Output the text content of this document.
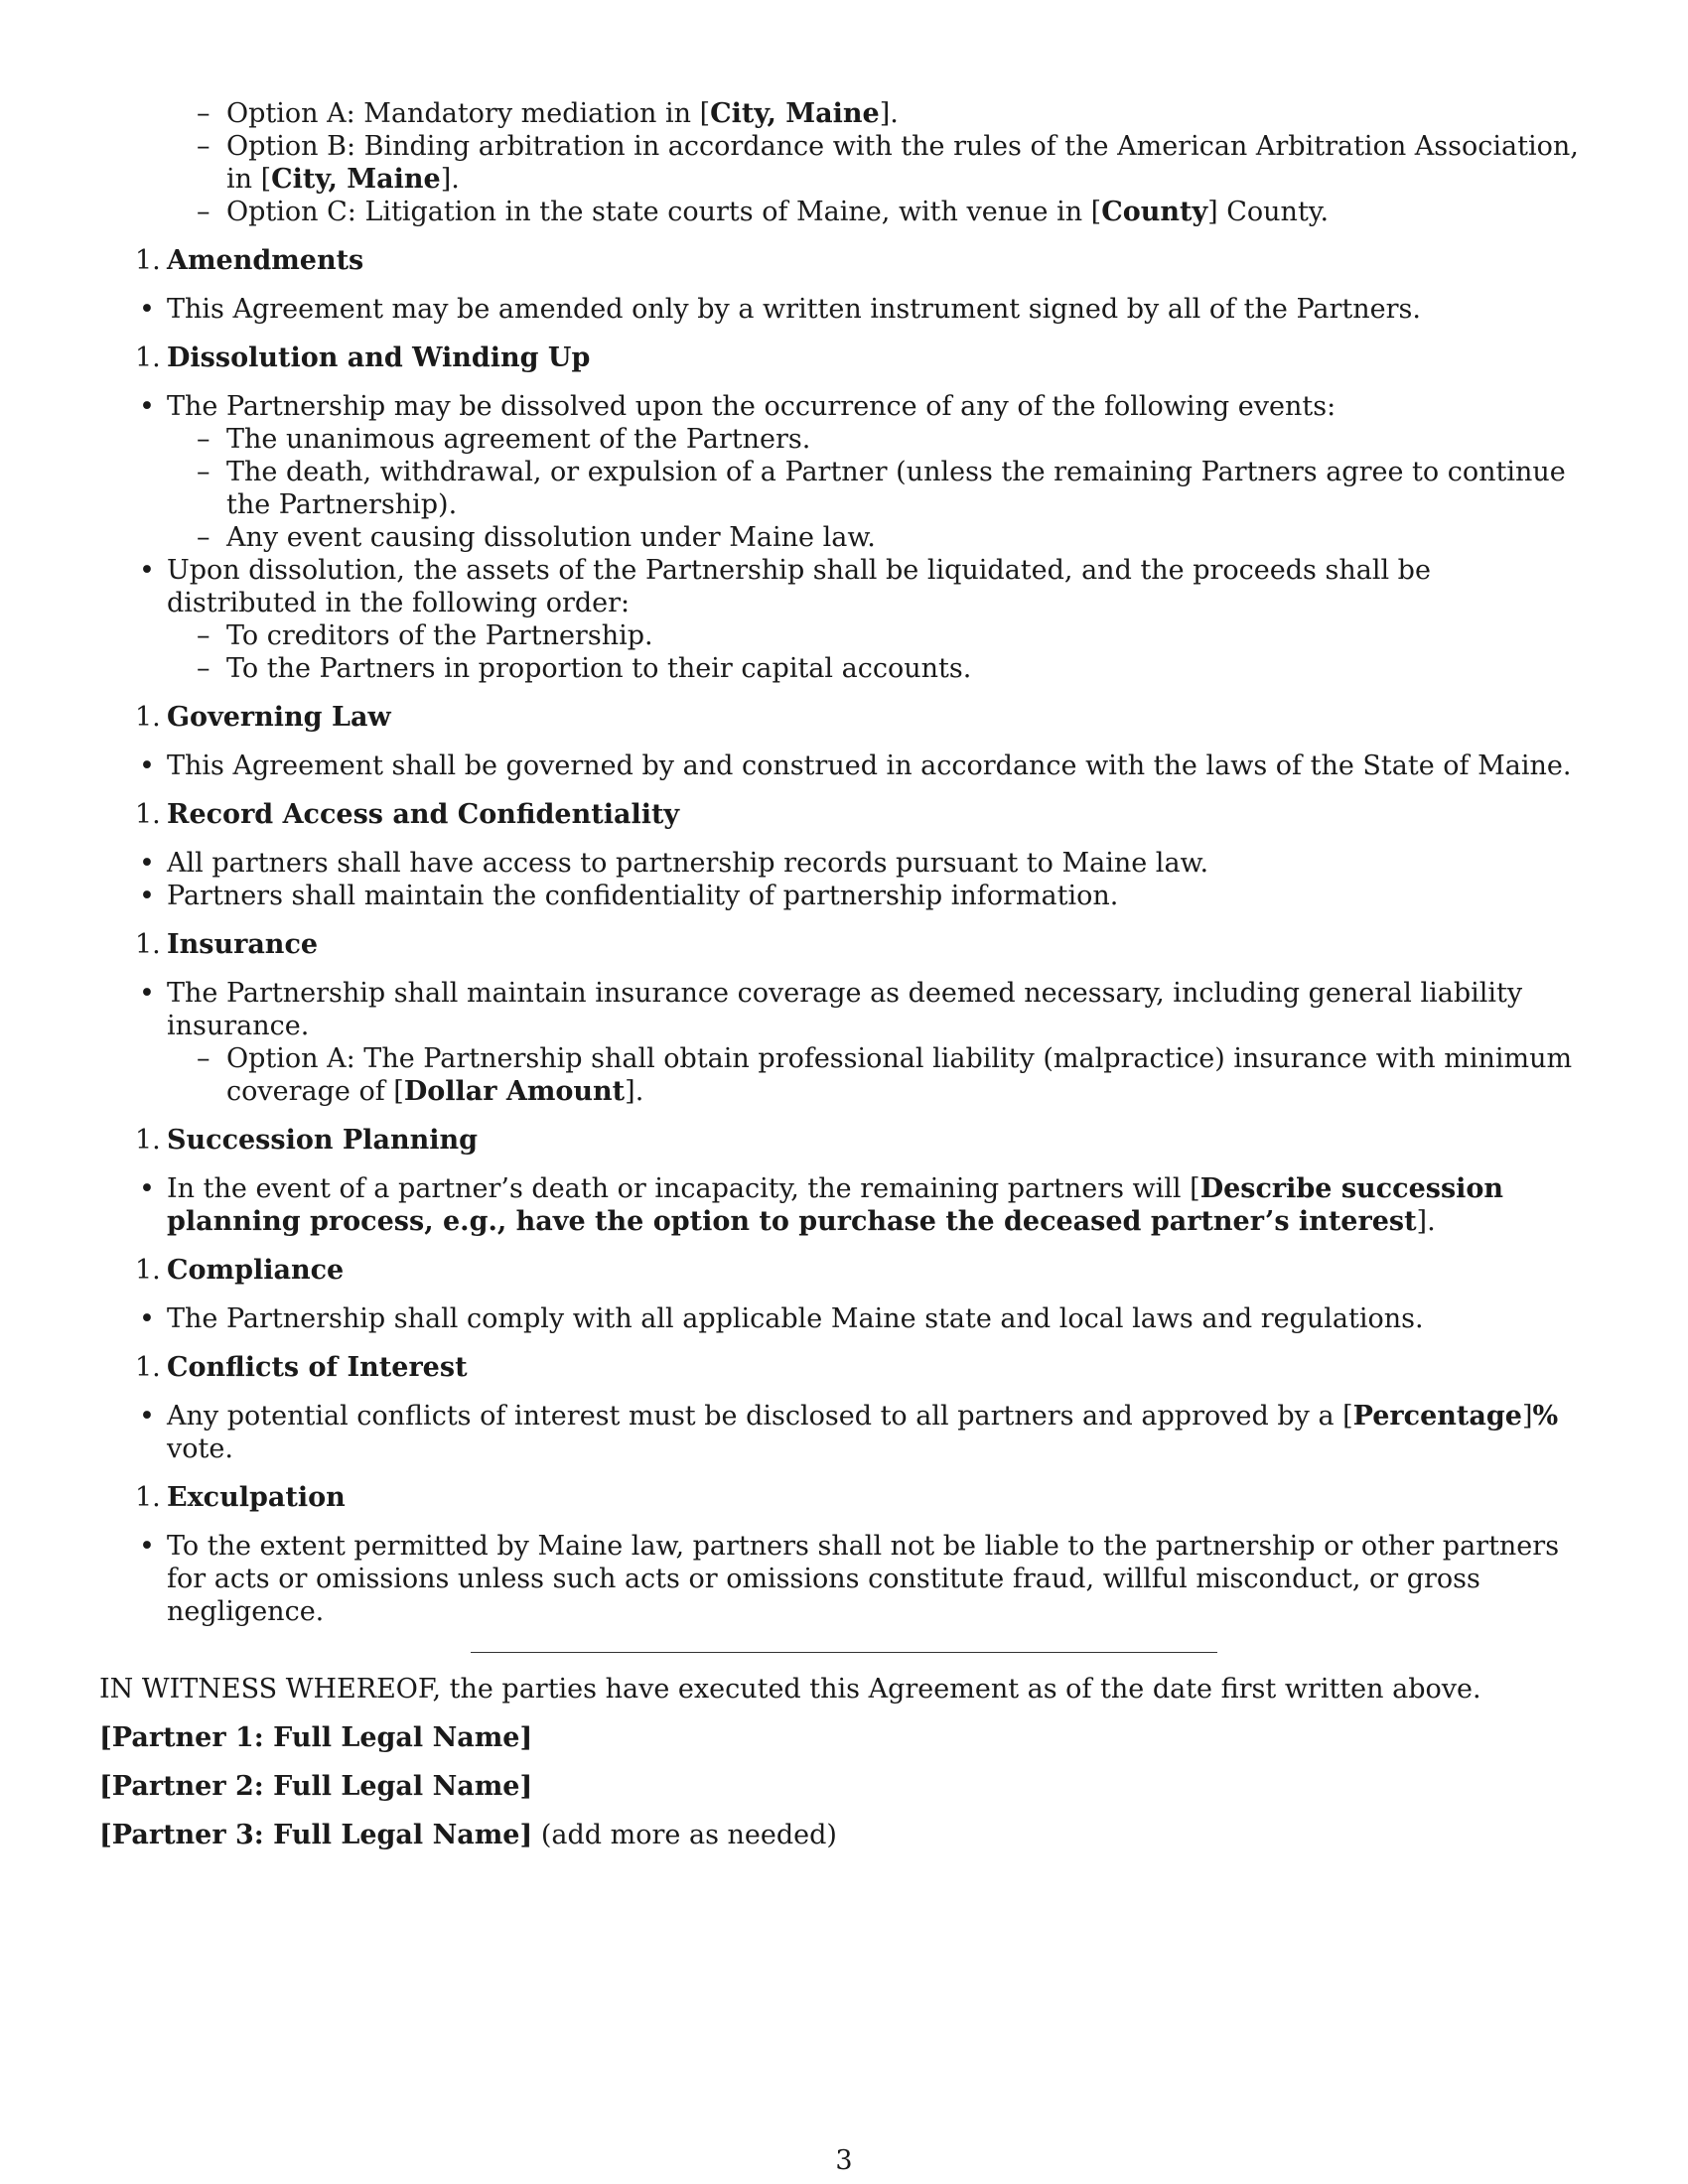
– Option A: Mandatory mediation in [City, Maine].
– Option B: Binding arbitration in accordance with the rules of the American Arbitration Association, in [City, Maine].
– Option C: Litigation in the state courts of Maine, with venue in [County] County.
1. Amendments
• This Agreement may be amended only by a written instrument signed by all of the Partners.
1. Dissolution and Winding Up
• The Partnership may be dissolved upon the occurrence of any of the following events:
– The unanimous agreement of the Partners.
– The death, withdrawal, or expulsion of a Partner (unless the remaining Partners agree to continue the Partnership).
– Any event causing dissolution under Maine law.
• Upon dissolution, the assets of the Partnership shall be liquidated, and the proceeds shall be distributed in the following order:
– To creditors of the Partnership.
– To the Partners in proportion to their capital accounts.
1. Governing Law
• This Agreement shall be governed by and construed in accordance with the laws of the State of Maine.
1. Record Access and Confidentiality
• All partners shall have access to partnership records pursuant to Maine law.
• Partners shall maintain the confidentiality of partnership information.
1. Insurance
• The Partnership shall maintain insurance coverage as deemed necessary, including general liability insurance.
– Option A: The Partnership shall obtain professional liability (malpractice) insurance with minimum coverage of [Dollar Amount].
1. Succession Planning
• In the event of a partner’s death or incapacity, the remaining partners will [Describe succession planning process, e.g., have the option to purchase the deceased partner’s interest].
1. Compliance
• The Partnership shall comply with all applicable Maine state and local laws and regulations.
1. Conflicts of Interest
• Any potential conflicts of interest must be disclosed to all partners and approved by a [Percentage]% vote.
1. Exculpation
• To the extent permitted by Maine law, partners shall not be liable to the partnership or other partners for acts or omissions unless such acts or omissions constitute fraud, willful misconduct, or gross negligence.
IN WITNESS WHEREOF, the parties have executed this Agreement as of the date first written above.
[Partner 1: Full Legal Name]
[Partner 2: Full Legal Name]
[Partner 3: Full Legal Name] (add more as needed)
3
